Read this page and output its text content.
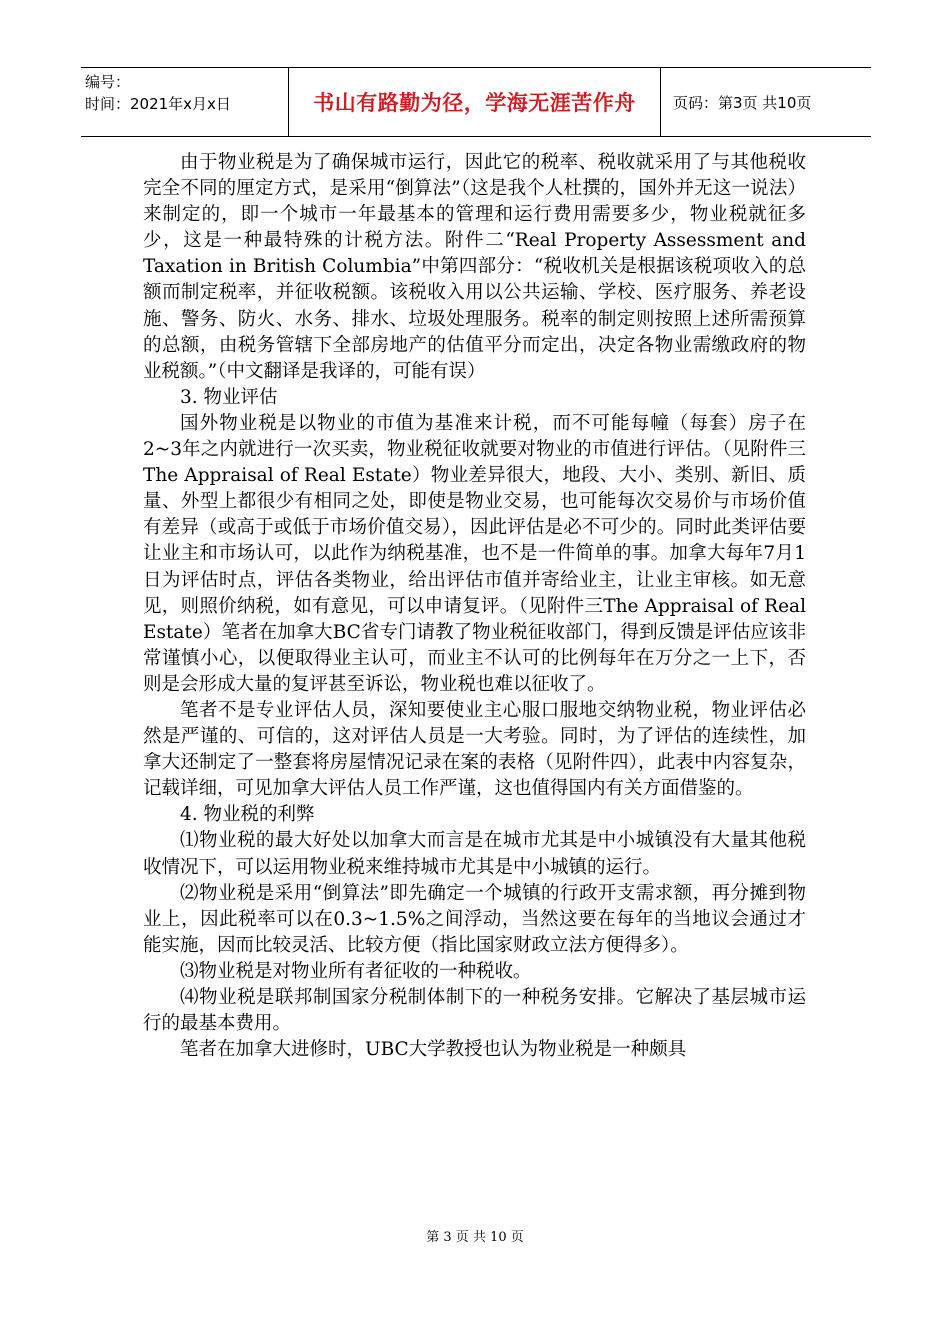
编号：
时间：2021年x月x日	书山有路勤为径，学海无涯苦作舟 页码：第3页 共10页

由于物业税是为了确保城市运行，因此它的税率、税收就采用了与其他税收完全不同的厘定方式，是采用“倒算法”（这是我个人杜撰的，国外并无这一说法）来制定的，即一个城市一年最基本的管理和运行费用需要多少，物业税就征多少，这是一种最特殊的计税方法。附件二“Real Property Assessment and Taxation in British Columbia”中第四部分：“税收机关是根据该税项收入的总额而制定税率，并征收税额。该税收入用以公共运输、学校、医疗服务、养老设施、警务、防火、水务、排水、垃圾处理服务。税率的制定则按照上述所需预算的总额，由税务管辖下全部房地产的估值平分而定出，决定各物业需缴政府的物业税额。”（中文翻译是我译的，可能有误）

3. 物业评估

国外物业税是以物业的市值为基准来计税，而不可能每幢（每套）房子在2~3年之内就进行一次买卖，物业税征收就要对物业的市值进行评估。（见附件三The Appraisal of Real Estate）物业差异很大，地段、大小、类别、新旧、质量、外型上都很少有相同之处，即使是物业交易，也可能每次交易价与市场价值有差异（或高于或低于市场价值交易），因此评估是必不可少的。同时此类评估要让业主和市场认可，以此作为纳税基准，也不是一件简单的事。加拿大每年7月1日为评估时点，评估各类物业，给出评估市值并寄给业主，让业主审核。如无意见，则照价纳税，如有意见，可以申请复评。（见附件三The Appraisal of Real Estate）笔者在加拿大BC省专门请教了物业税征收部门，得到反馈是评估应该非常谨慎小心，以便取得业主认可，而业主不认可的比例每年在万分之一上下，否则是会形成大量的复评甚至诉讼，物业税也难以征收了。

笔者不是专业评估人员，深知要使业主心服口服地交纳物业税，物业评估必然是严谨的、可信的，这对评估人员是一大考验。同时，为了评估的连续性，加拿大还制定了一整套将房屋情况记录在案的表格（见附件四），此表中内容复杂，记载详细，可见加拿大评估人员工作严谨，这也值得国内有关方面借鉴的。

4. 物业税的利弊

⑴物业税的最大好处以加拿大而言是在城市尤其是中小城镇没有大量其他税收情况下，可以运用物业税来维持城市尤其是中小城镇的运行。

⑵物业税是采用“倒算法”即先确定一个城镇的行政开支需求额，再分摊到物业上，因此税率可以在0.3~1.5%之间浮动，当然这要在每年的当地议会通过才能实施，因而比较灵活、比较方便（指比国家财政立法方便得多）。

⑶物业税是对物业所有者征收的一种税收。

⑷物业税是联邦制国家分税制体制下的一种税务安排。它解决了基层城市运行的最基本费用。

笔者在加拿大进修时，UBC大学教授也认为物业税是一种颇具

第 3 页 共 10 页
